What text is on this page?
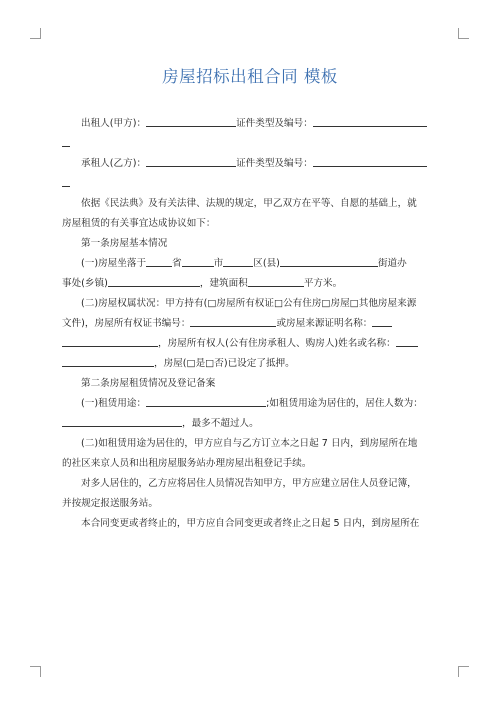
房屋招标出租合同 模板

出租人(甲方)：	证件类型及编号：

承租人(乙方)：	证件类型及编号：

依据《民法典》及有关法律、法规的规定，甲乙双方在平等、自愿的基础上，就

房屋租赁的有关事宜达成协议如下：

第一条房屋基本情况

(一)房屋坐落于	省	市	区(县)	街道办

事处(乡镇)	，建筑面积	平方米。

(二)房屋权属状况：甲方持有(□房屋所有权证□公有住房□房屋□其他房屋来源

文件)，房屋所有权证书编号：	或房屋来源证明名称：

，房屋所有权人(公有住房承租人、购房人)姓名或名称：

，房屋(□是□否)已设定了抵押。

第二条房屋租赁情况及登记备案

(一)租赁用途：	;如租赁用途为居住的，居住人数为：

，最多不超过人。

(二)如租赁用途为居住的，甲方应自与乙方订立本之日起 7 日内，到房屋所在地

的社区来京人员和出租房屋服务站办理房屋出租登记手续。

对多人居住的，乙方应将居住人员情况告知甲方，甲方应建立居住人员登记簿，

并按规定报送服务站。

本合同变更或者终止的，甲方应自合同变更或者终止之日起 5 日内，到房屋所在
